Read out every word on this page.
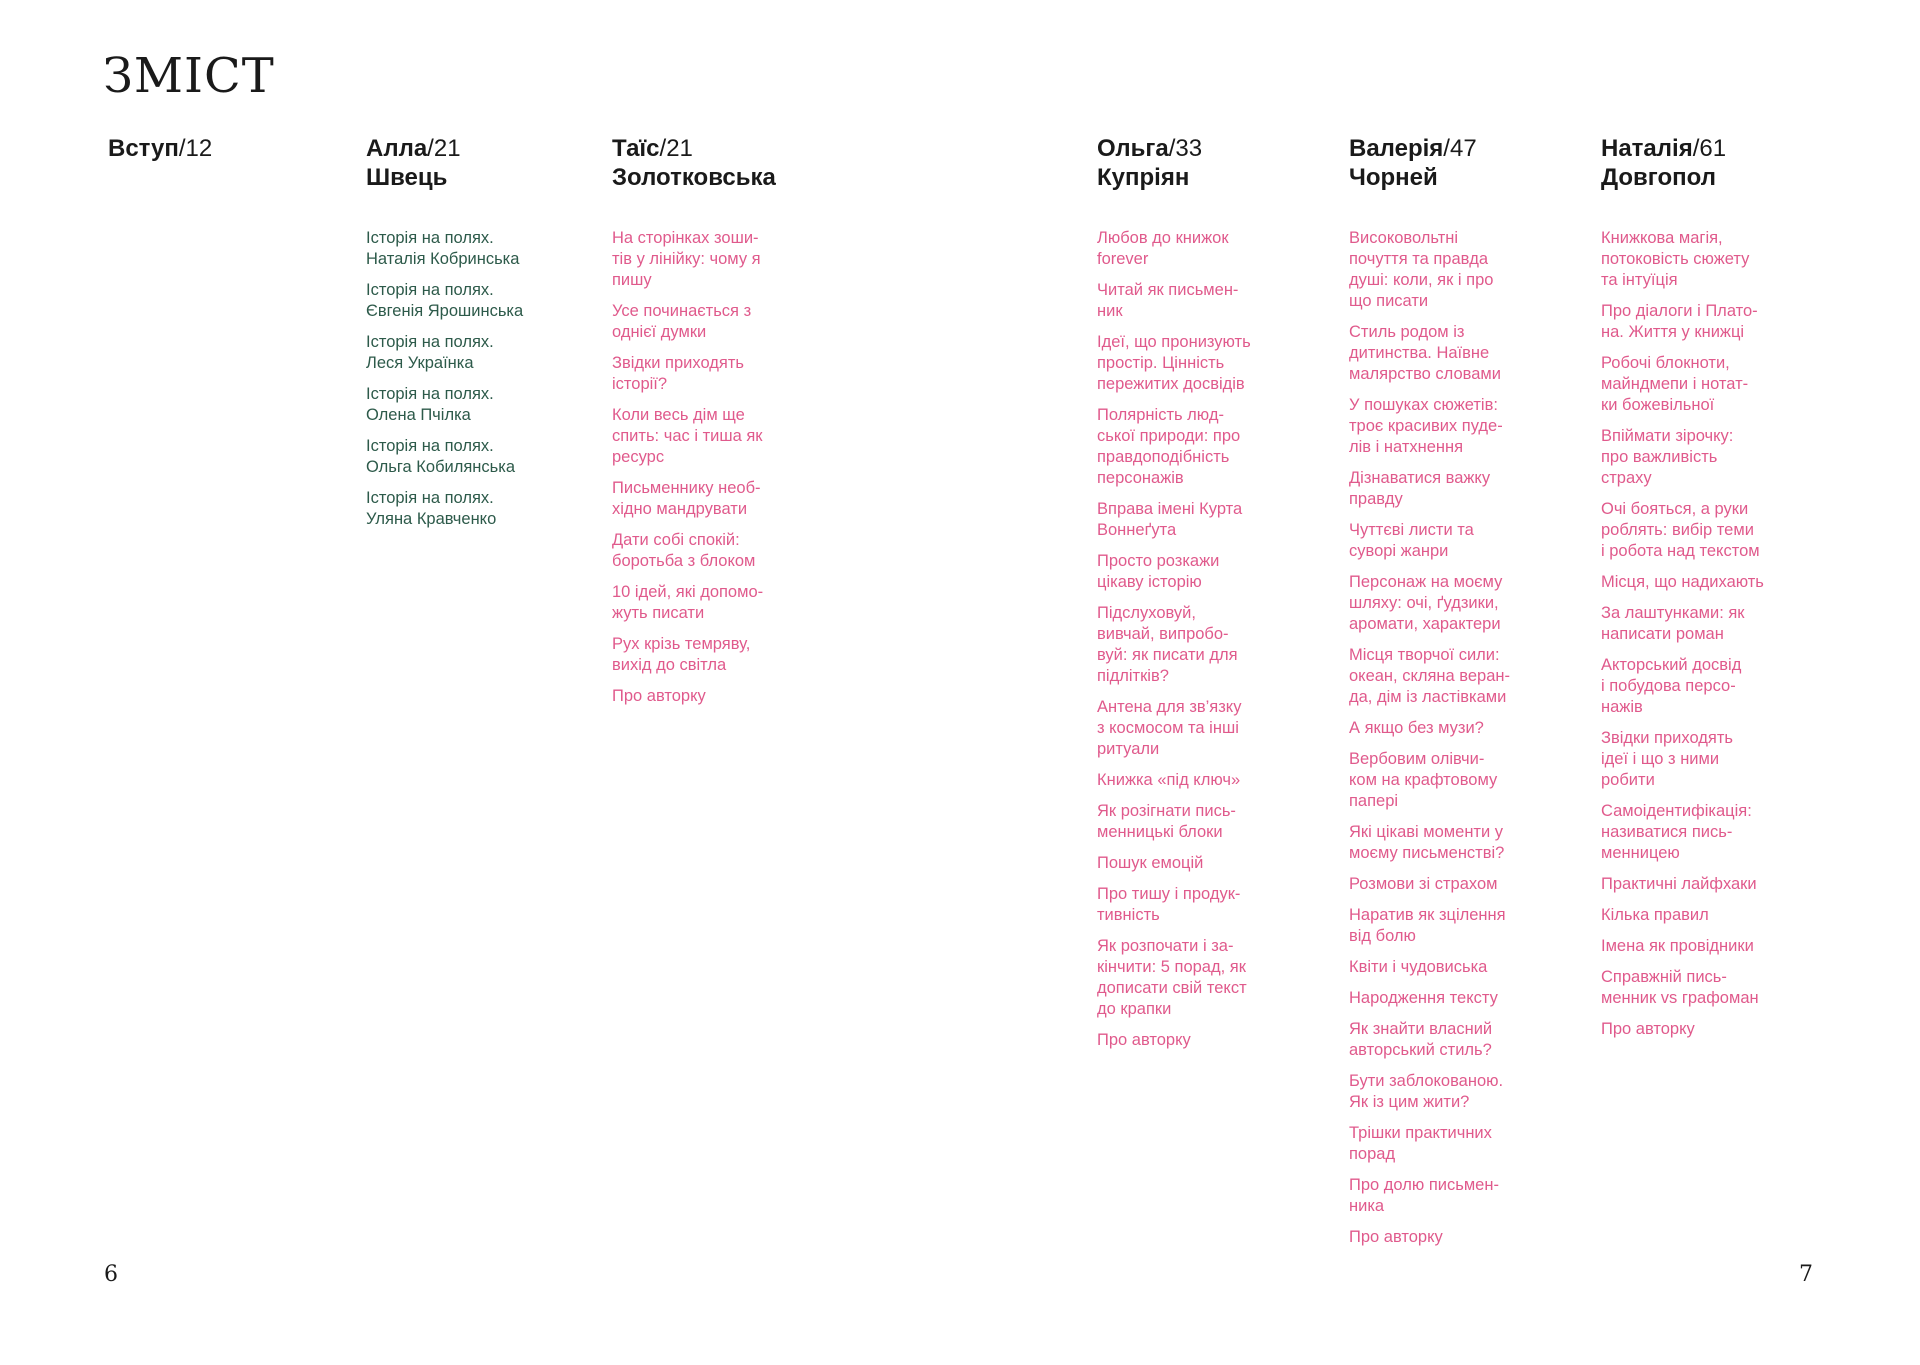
ЗМІСТ
Вступ/12	Алла/21
Швець
Історія на полях.
Наталія Кобринська
Історія на полях.
Євгенія Ярошинська
Історія на полях.
Леся Українка
Історія на полях.
Олена Пчілка
Історія на полях.
Ольга Кобилянська
Історія на полях.
Уляна Кравченко
Таїс/21
Золотковська
На сторінках зоши-
тів у лінійку: чому я
пишу
Усе починається з
однієї думки
Звідки приходять
історії?
Коли весь дім ще
спить: час і тиша як
ресурс
Письменнику необ-
хідно мандрувати
Дати собі спокій:
боротьба з блоком
10 ідей, які допомо-
жуть писати
Рух крізь темряву,
вихід до світла
Про авторку
Ольга/33
Купріян
Любов до книжок
forever
Читай як письмен-
ник
Ідеї, що пронизують
простір. Цінність
пережитих досвідів
Полярність люд-
ської природи: про
правдоподібність
персонажів
Вправа імені Курта
Воннеґута
Просто розкажи
цікаву історію
Підслуховуй,
вивчай, випробо-
вуй: як писати для
підлітків?
Антена для зв’язку
з космосом та інші
ритуали
Книжка «під ключ»
Як розігнати пись-
менницькі блоки
Пошук емоцій
Про тишу і продук-
тивність
Як розпочати і за-
кінчити: 5 порад, як
дописати свій текст
до крапки
Про авторку
Валерія/47
Чорней
Високовольтні
почуття та правда
душі: коли, як і про
що писати
Стиль родом із
дитинства. Наївне
малярство словами
У пошуках сюжетів:
троє красивих пуде-
лів і натхнення
Дізнаватися важку
правду
Чуттєві листи та
суворі жанри
Персонаж на моєму
шляху: очі, ґудзики,
аромати, характери
Місця творчої сили:
океан, скляна веран-
да, дім із ластівками
А якщо без музи?
Вербовим олівчи-
ком на крафтовому
папері
Які цікаві моменти у
моєму письменстві?
Розмови зі страхом
Наратив як зцілення
від болю
Квіти і чудовиська
Народження тексту
Як знайти власний
авторський стиль?
Бути заблокованою.
Як із цим жити?
Трішки практичних
порад
Про долю письмен-
ника
Про авторку
Наталія/61
Довгопол
Книжкова магія,
потоковість сюжету
та інтуїція
Про діалоги і Плато-
на. Життя у книжці
Робочі блокноти,
майндмепи і нотат-
ки божевільної
Впіймати зірочку:
про важливість
страху
Очі бояться, а руки
роблять: вибір теми
і робота над текстом
Місця, що надихають
За лаштунками: як
написати роман
Акторський досвід
і побудова персо-
нажів
Звідки приходять
ідеї і що з ними
робити
Самоідентифікація:
називатися пись-
менницею
Практичні лайфхаки
Кілька правил
Імена як провідники
Справжній пись-
менник vs графоман
Про авторку
6	7
